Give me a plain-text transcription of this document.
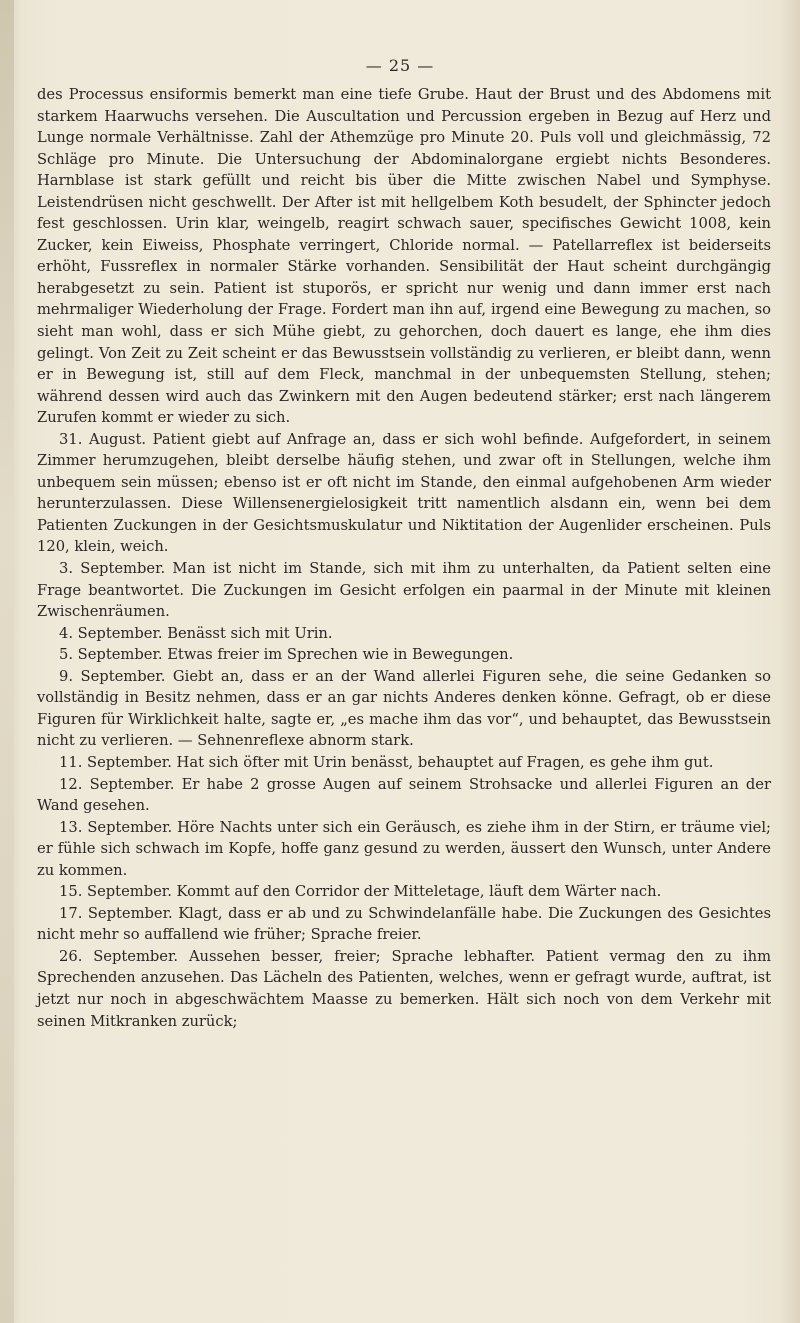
— 25 —

des Processus ensiformis bemerkt man eine tiefe Grube. Haut der Brust und des Abdomens mit starkem Haarwuchs versehen. Die Auscultation und Percussion ergeben in Bezug auf Herz und Lunge normale Verhältnisse. Zahl der Athemzüge pro Minute 20. Puls voll und gleichmässig, 72 Schläge pro Minute. Die Untersuchung der Abdominalorgane ergiebt nichts Besonderes. Harnblase ist stark gefüllt und reicht bis über die Mitte zwischen Nabel und Symphyse. Leistendrüsen nicht geschwellt. Der After ist mit hellgelbem Koth besudelt, der Sphincter jedoch fest geschlossen. Urin klar, weingelb, reagirt schwach sauer, specifisches Gewicht 1008, kein Zucker, kein Eiweiss, Phosphate verringert, Chloride normal. — Patellarreflex ist beiderseits erhöht, Fussreflex in normaler Stärke vorhanden. Sensibilität der Haut scheint durchgängig herabgesetzt zu sein. Patient ist stuporös, er spricht nur wenig und dann immer erst nach mehrmaliger Wiederholung der Frage. Fordert man ihn auf, irgend eine Bewegung zu machen, so sieht man wohl, dass er sich Mühe giebt, zu gehorchen, doch dauert es lange, ehe ihm dies gelingt. Von Zeit zu Zeit scheint er das Bewusstsein vollständig zu verlieren, er bleibt dann, wenn er in Bewegung ist, still auf dem Fleck, manchmal in der unbequemsten Stellung, stehen; während dessen wird auch das Zwinkern mit den Augen bedeutend stärker; erst nach längerem Zurufen kommt er wieder zu sich.

31. August. Patient giebt auf Anfrage an, dass er sich wohl befinde. Aufgefordert, in seinem Zimmer herumzugehen, bleibt derselbe häufig stehen, und zwar oft in Stellungen, welche ihm unbequem sein müssen; ebenso ist er oft nicht im Stande, den einmal aufgehobenen Arm wieder herunterzulassen. Diese Willensenergielosigkeit tritt namentlich alsdann ein, wenn bei dem Patienten Zuckungen in der Gesichtsmuskulatur und Niktitation der Augenlider erscheinen. Puls 120, klein, weich.

3. September. Man ist nicht im Stande, sich mit ihm zu unterhalten, da Patient selten eine Frage beantwortet. Die Zuckungen im Gesicht erfolgen ein paarmal in der Minute mit kleinen Zwischenräumen.

4. September. Benässt sich mit Urin.

5. September. Etwas freier im Sprechen wie in Bewegungen.

9. September. Giebt an, dass er an der Wand allerlei Figuren sehe, die seine Gedanken so vollständig in Besitz nehmen, dass er an gar nichts Anderes denken könne. Gefragt, ob er diese Figuren für Wirklichkeit halte, sagte er, „es mache ihm das vor“, und behauptet, das Bewusstsein nicht zu verlieren. — Sehnenreflexe abnorm stark.

11. September. Hat sich öfter mit Urin benässt, behauptet auf Fragen, es gehe ihm gut.

12. September. Er habe 2 grosse Augen auf seinem Strohsacke und allerlei Figuren an der Wand gesehen.

13. September. Höre Nachts unter sich ein Geräusch, es ziehe ihm in der Stirn, er träume viel; er fühle sich schwach im Kopfe, hoffe ganz gesund zu werden, äussert den Wunsch, unter Andere zu kommen.

15. September. Kommt auf den Corridor der Mitteletage, läuft dem Wärter nach.

17. September. Klagt, dass er ab und zu Schwindelanfälle habe. Die Zuckungen des Gesichtes nicht mehr so auffallend wie früher; Sprache freier.

26. September. Aussehen besser, freier; Sprache lebhafter. Patient vermag den zu ihm Sprechenden anzusehen. Das Lächeln des Patienten, welches, wenn er gefragt wurde, auftrat, ist jetzt nur noch in abgeschwächtem Maasse zu bemerken. Hält sich noch von dem Verkehr mit seinen Mitkranken zurück;
